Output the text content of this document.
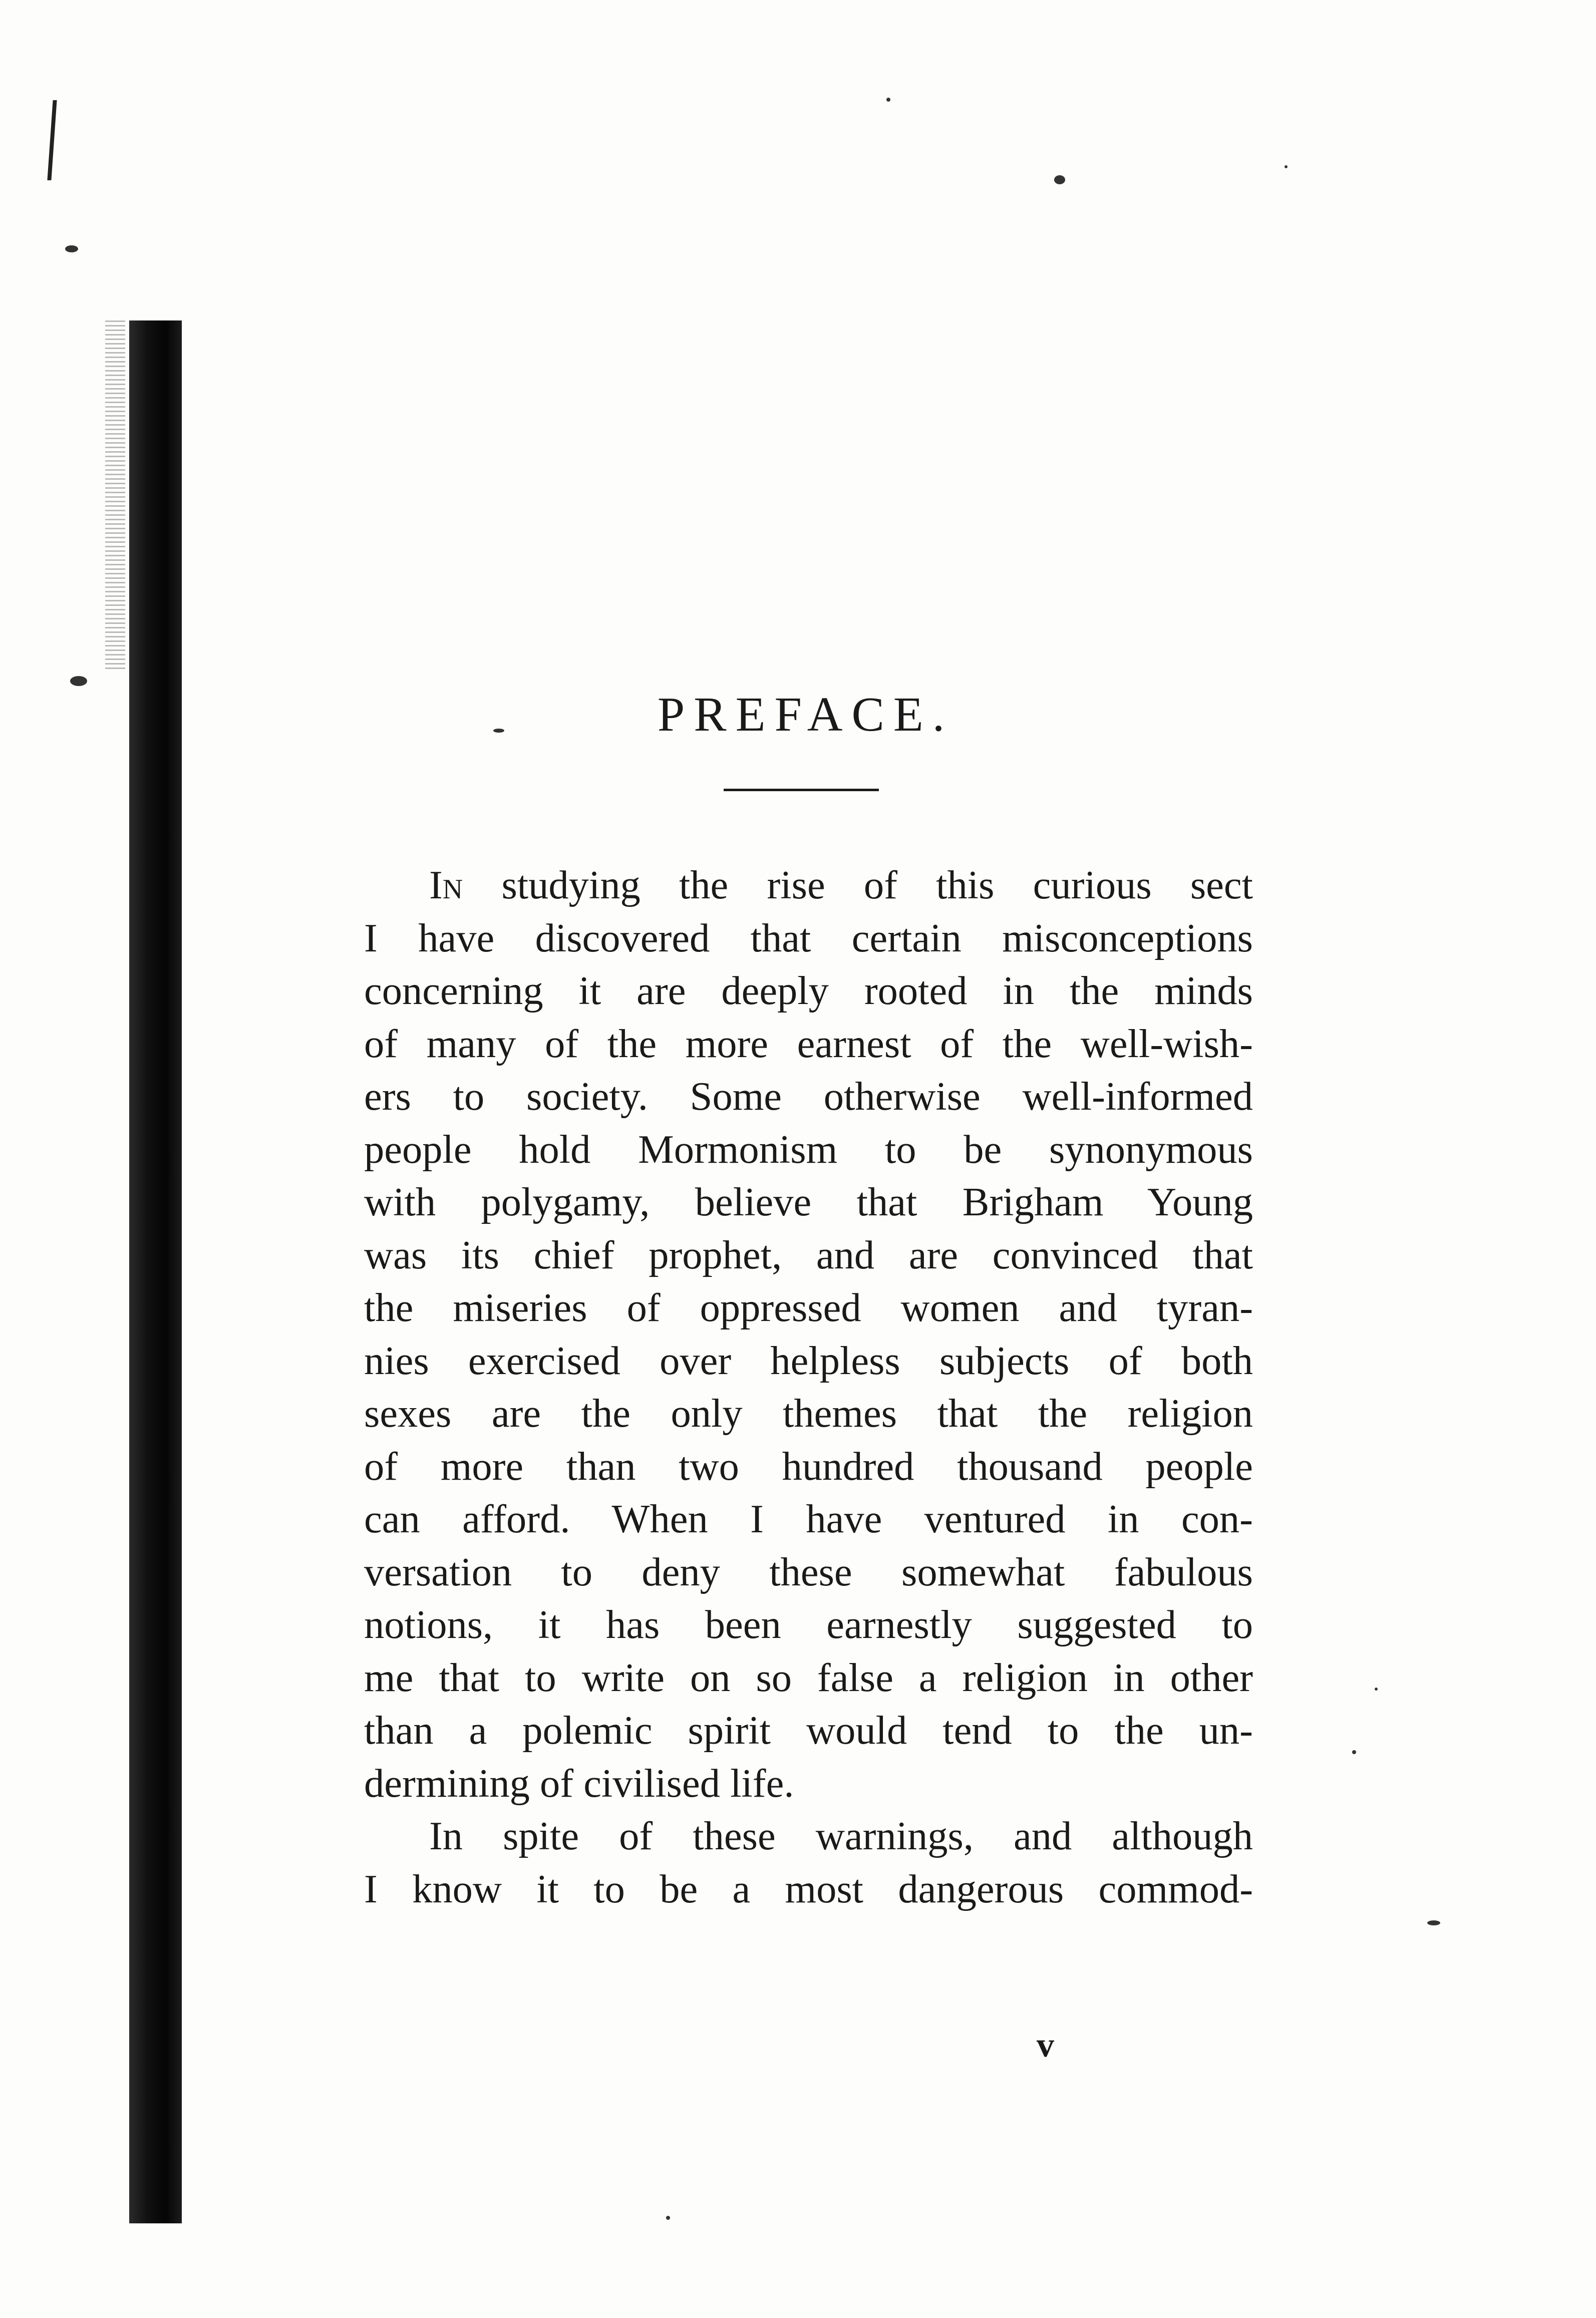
PREFACE.
In studying the rise of this curious sect
I have discovered that certain misconceptions
concerning it are deeply rooted in the minds
of many of the more earnest of the well-wish-
ers to society. Some otherwise well-informed
people hold Mormonism to be synonymous
with polygamy, believe that Brigham Young
was its chief prophet, and are convinced that
the miseries of oppressed women and tyran-
nies exercised over helpless subjects of both
sexes are the only themes that the religion
of more than two hundred thousand people
can afford. When I have ventured in con-
versation to deny these somewhat fabulous
notions, it has been earnestly suggested to
me that to write on so false a religion in other
than a polemic spirit would tend to the un-
dermining of civilised life.
In spite of these warnings, and although
I know it to be a most dangerous commod-
v
